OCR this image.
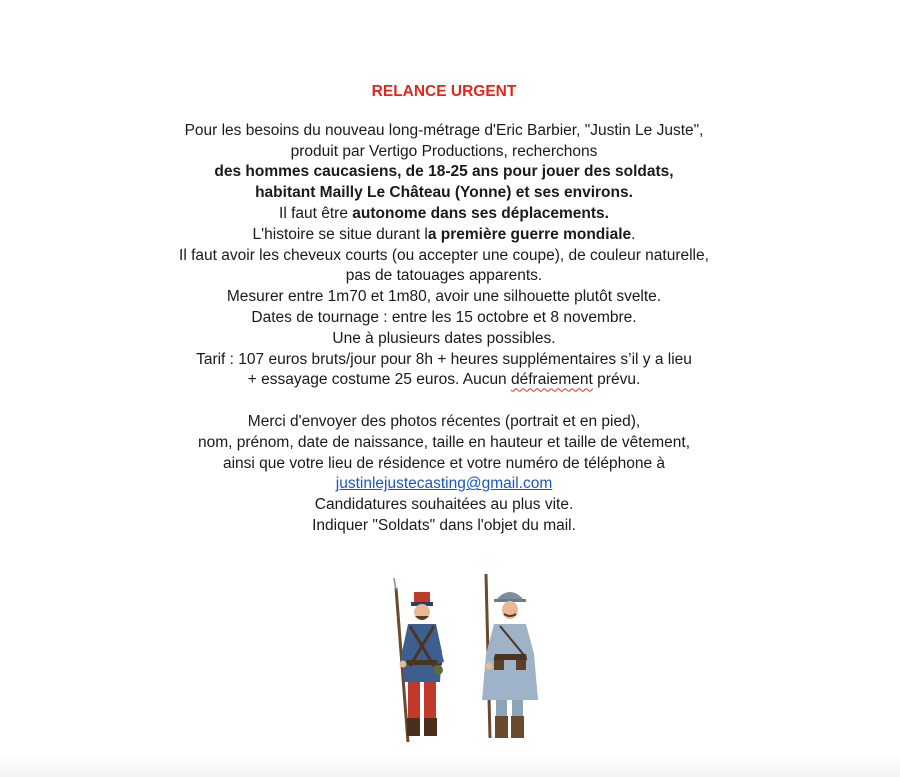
RELANCE URGENT
Pour les besoins du nouveau long-métrage d'Eric Barbier, "Justin Le Juste",
produit par Vertigo Productions, recherchons
des hommes caucasiens, de 18-25 ans pour jouer des soldats,
habitant Mailly Le Château (Yonne) et ses environs.
Il faut être autonome dans ses déplacements.
L'histoire se situe durant la première guerre mondiale.
Il faut avoir les cheveux courts (ou accepter une coupe), de couleur naturelle,
pas de tatouages apparents.
Mesurer entre 1m70 et 1m80, avoir une silhouette plutôt svelte.
Dates de tournage : entre les 15 octobre et 8 novembre.
Une à plusieurs dates possibles.
Tarif : 107 euros bruts/jour pour 8h + heures supplémentaires s’il y a lieu
+ essayage costume 25 euros. Aucun défraiement prévu.
Merci d'envoyer des photos récentes (portrait et en pied),
nom, prénom, date de naissance, taille en hauteur et taille de vêtement,
ainsi que votre lieu de résidence et votre numéro de téléphone à
justinlejustecasting@gmail.com
Candidatures souhaitées au plus vite.
Indiquer "Soldats" dans l'objet du mail.
